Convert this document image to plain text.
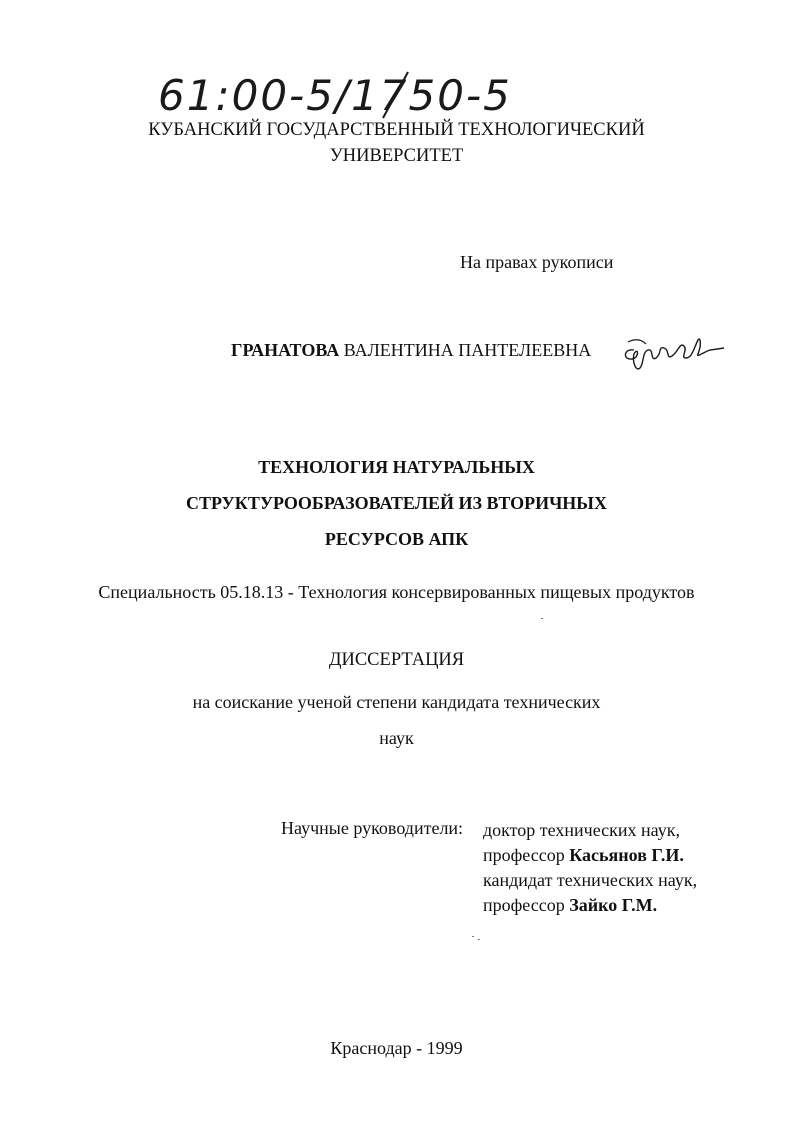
61:00-5/1750-5
КУБАНСКИЙ ГОСУДАРСТВЕННЫЙ ТЕХНОЛОГИЧЕСКИЙ
УНИВЕРСИТЕТ
На правах рукописи
ГРАНАТОВА ВАЛЕНТИНА ПАНТЕЛЕЕВНА
ТЕХНОЛОГИЯ НАТУРАЛЬНЫХ
СТРУКТУРООБРАЗОВАТЕЛЕЙ ИЗ ВТОРИЧНЫХ
РЕСУРСОВ АПК
Специальность 05.18.13 - Технология консервированных пищевых продуктов
ДИССЕРТАЦИЯ
на соискание ученой степени кандидата технических
наук
Научные руководители: доктор технических наук,
профессор Касьянов Г.И.
кандидат технических наук,
профессор Зайко Г.М.
Краснодар - 1999
